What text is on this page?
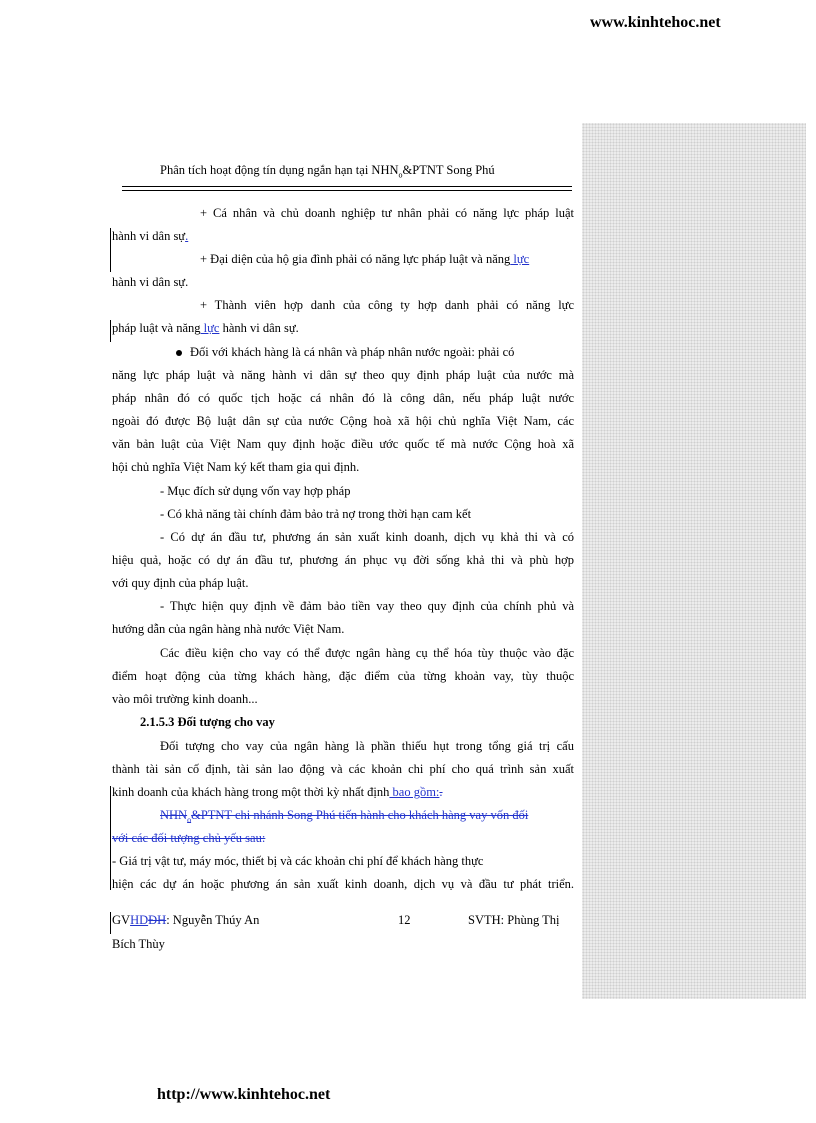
www.kinhtehoc.net
Phân tích hoạt động tín dụng ngắn hạn tại $NHN_o\&PTNT$ Song Phú
+ Cá nhân và chủ doanh nghiệp tư nhân phải có năng lực pháp luật
hành vi dân sự.
+ Đại diện của hộ gia đình phải có năng lực pháp luật và năng lực
hành vi dân sự.
+ Thành viên hợp danh của công ty hợp danh phải có năng lực
pháp luật và năng lực hành vi dân sự.
Đối với khách hàng là cá nhân và pháp nhân nước ngoài: phải có
năng lực pháp luật và năng hành vi dân sự theo quy định pháp luật của nước mà
pháp nhân đó có quốc tịch hoặc cá nhân đó là công dân, nếu pháp luật nước
ngoài đó được Bộ luật dân sự của nước Cộng hoà xã hội chủ nghĩa Việt Nam, các
văn bản luật của Việt Nam quy định hoặc điều ước quốc tế mà nước Cộng hoà xã
hội chủ nghĩa Việt Nam ký kết tham gia qui định.
- Mục đích sử dụng vốn vay hợp pháp
- Có khả năng tài chính đảm bảo trả nợ trong thời hạn cam kết
- Có dự án đầu tư, phương án sản xuất kinh doanh, dịch vụ khả thi và có
hiệu quả, hoặc có dự án đầu tư, phương án phục vụ đời sống khả thi và phù hợp
với quy định của pháp luật.
- Thực hiện quy định về đảm bảo tiền vay theo quy định của chính phủ và
hướng dẫn của ngân hàng nhà nước Việt Nam.
Các điều kiện cho vay có thể được ngân hàng cụ thể hóa tùy thuộc vào đặc
điểm hoạt động của từng khách hàng, đặc điểm của từng khoản vay, tùy thuộc
vào môi trường kinh doanh...
2.1.5.3 Đối tượng cho vay
Đối tượng cho vay của ngân hàng là phần thiếu hụt trong tổng giá trị cấu
thành tài sản cố định, tài sản lao động và các khoản chi phí cho quá trình sản xuất
kinh doanh của khách hàng trong một thời kỳ nhất định bao gồm:.
$NHN_o\&PTNT$ chi nhánh Song Phú tiến hành cho khách hàng vay vốn đối
với các đối tượng chủ yếu sau:
- Giá trị vật tư, máy móc, thiết bị và các khoản chi phí để khách hàng thực
hiện các dự án hoặc phương án sản xuất kinh doanh, dịch vụ và đầu tư phát triển.
GVHDĐH: Nguyễn Thúy An	12	SVTH: Phùng Thị
Bích Thùy
http://www.kinhtehoc.net
